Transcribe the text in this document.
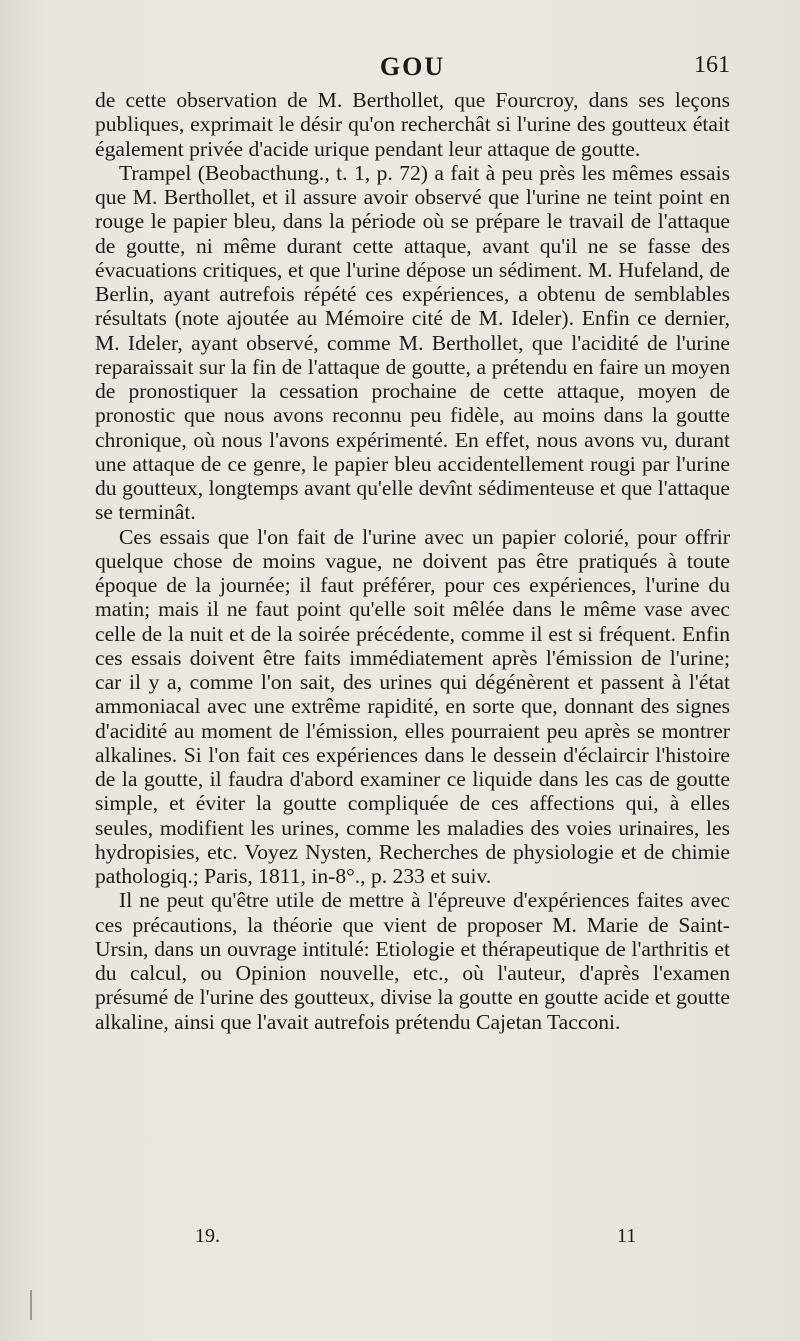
GOU	161

de cette observation de M. Berthollet, que Fourcroy, dans ses leçons publiques, exprimait le désir qu'on recherchât si l'urine des goutteux était également privée d'acide urique pendant leur attaque de goutte.

Trampel (Beobacthung., t. 1, p. 72) a fait à peu près les mêmes essais que M. Berthollet, et il assure avoir observé que l'urine ne teint point en rouge le papier bleu, dans la période où se prépare le travail de l'attaque de goutte, ni même durant cette attaque, avant qu'il ne se fasse des évacuations critiques, et que l'urine dépose un sédiment. M. Hufeland, de Berlin, ayant autrefois répété ces expériences, a obtenu de semblables résultats (note ajoutée au Mémoire cité de M. Ideler). Enfin ce dernier, M. Ideler, ayant observé, comme M. Berthollet, que l'acidité de l'urine reparaissait sur la fin de l'attaque de goutte, a prétendu en faire un moyen de pronostiquer la cessation prochaine de cette attaque, moyen de pronostic que nous avons reconnu peu fidèle, au moins dans la goutte chronique, où nous l'avons expérimenté. En effet, nous avons vu, durant une attaque de ce genre, le papier bleu accidentellement rougi par l'urine du goutteux, longtemps avant qu'elle devînt sédimenteuse et que l'attaque se terminât.

Ces essais que l'on fait de l'urine avec un papier colorié, pour offrir quelque chose de moins vague, ne doivent pas être pratiqués à toute époque de la journée; il faut préférer, pour ces expériences, l'urine du matin; mais il ne faut point qu'elle soit mêlée dans le même vase avec celle de la nuit et de la soirée précédente, comme il est si fréquent. Enfin ces essais doivent être faits immédiatement après l'émission de l'urine; car il y a, comme l'on sait, des urines qui dégénèrent et passent à l'état ammoniacal avec une extrême rapidité, en sorte que, donnant des signes d'acidité au moment de l'émission, elles pourraient peu après se montrer alkalines. Si l'on fait ces expériences dans le dessein d'éclaircir l'histoire de la goutte, il faudra d'abord examiner ce liquide dans les cas de goutte simple, et éviter la goutte compliquée de ces affections qui, à elles seules, modifient les urines, comme les maladies des voies urinaires, les hydropisies, etc. Voyez Nysten, Recherches de physiologie et de chimie pathologiq.; Paris, 1811, in-8°., p. 233 et suiv.

Il ne peut qu'être utile de mettre à l'épreuve d'expériences faites avec ces précautions, la théorie que vient de proposer M. Marie de Saint-Ursin, dans un ouvrage intitulé: Etiologie et thérapeutique de l'arthritis et du calcul, ou Opinion nouvelle, etc., où l'auteur, d'après l'examen présumé de l'urine des goutteux, divise la goutte en goutte acide et goutte alkaline, ainsi que l'avait autrefois prétendu Cajetan Tacconi.

19.	11
